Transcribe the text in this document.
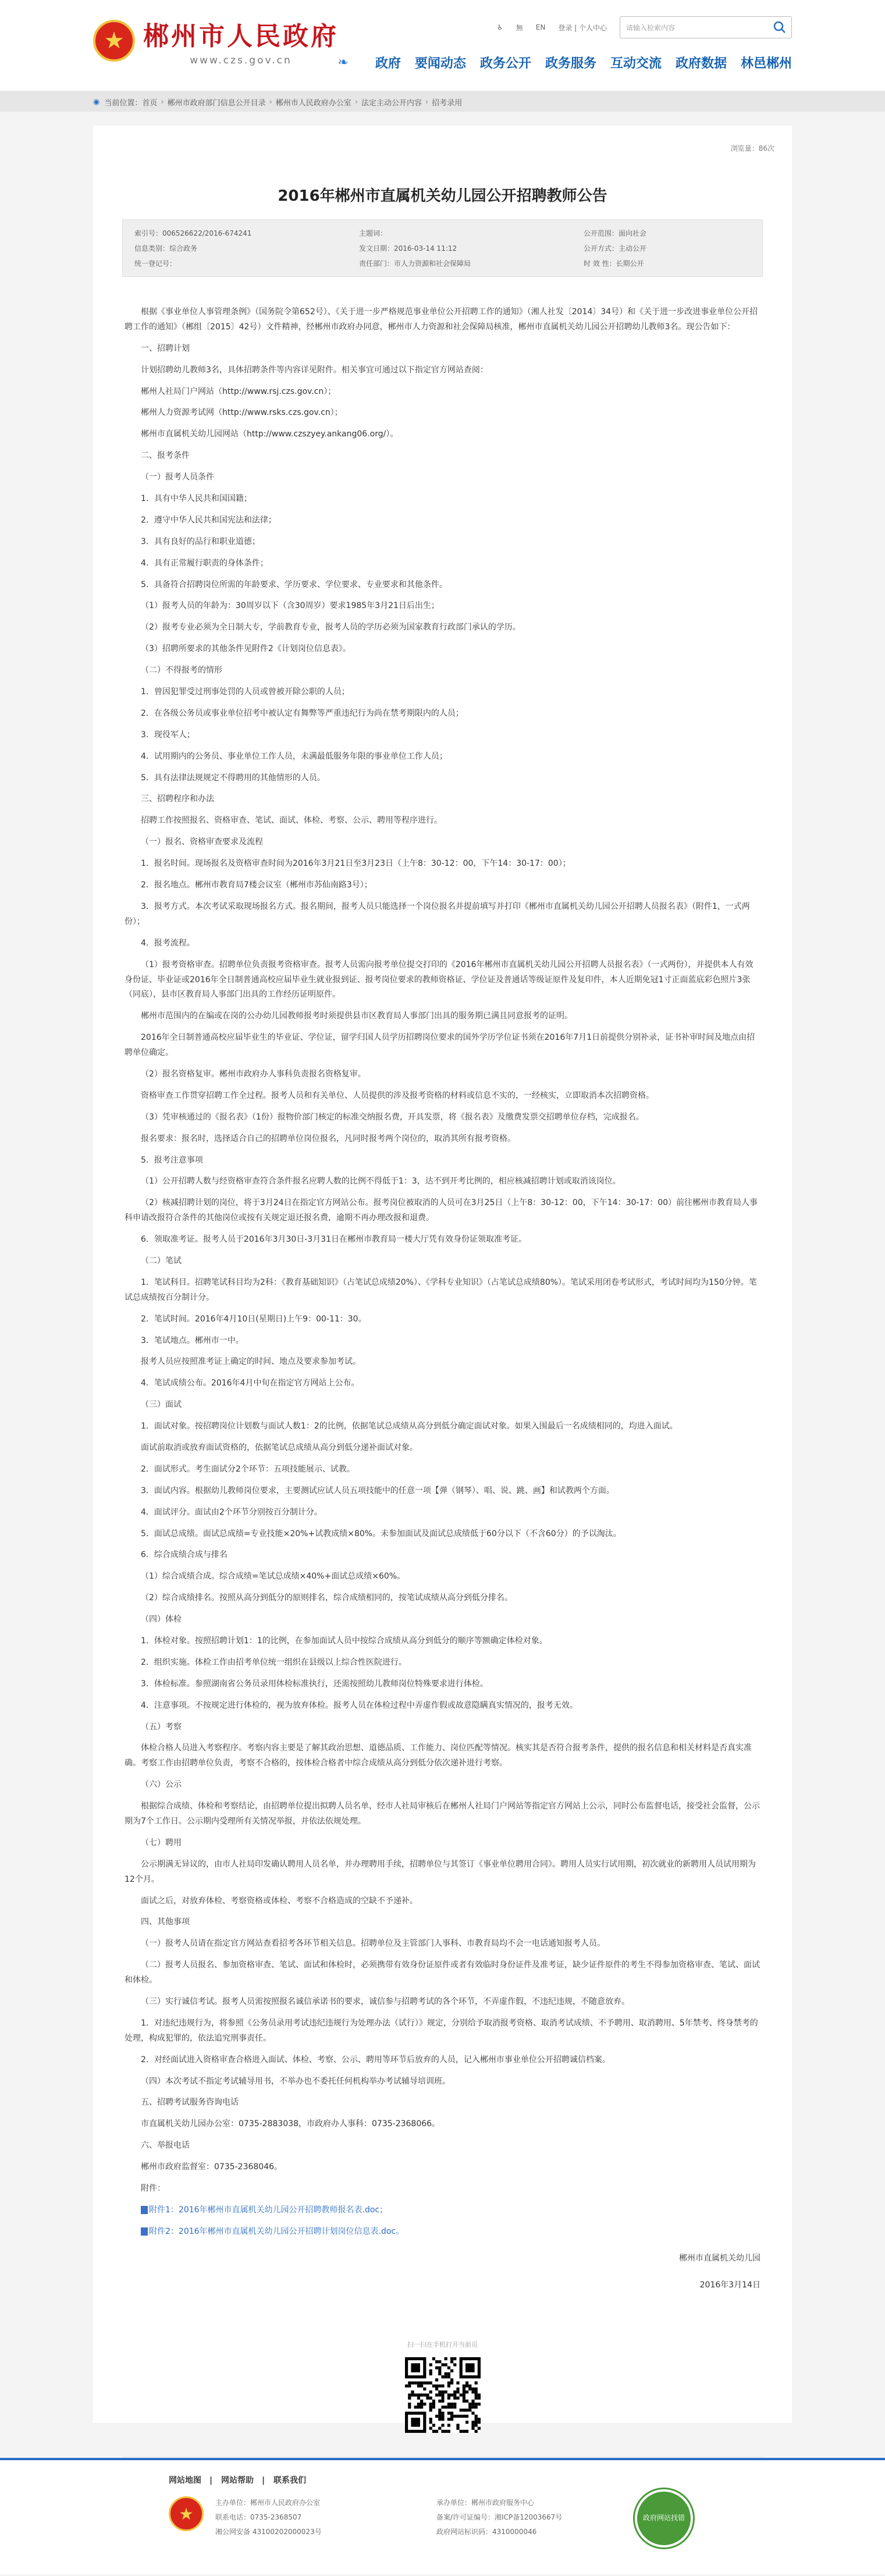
★ 郴州市人民政府
www.czs.gov.cn
♿ 無 EN 登录 | 个人中心	请输入检索内容
❧ 政府 要闻动态 政务公开 政务服务 互动交流 政府数据 林邑郴州
◉ 当前位置： 首页 › 郴州市政府部门信息公开目录 › 郴州市人民政府办公室 › 法定主动公开内容 › 招考录用
浏览量：86次
2016年郴州市直属机关幼儿园公开招聘教师公告
索引号：006526622/2016-674241	主题词：	公开范围：面向社会
信息类别：综合政务	发文日期：2016-03-14 11:12	公开方式：主动公开
统一登记号：	责任部门：市人力资源和社会保障局	时 效 性：长期公开

根据《事业单位人事管理条例》（国务院令第652号）、《关于进一步严格规范事业单位公开招聘工作的通知》（湘人社发〔2014〕34号）和《关于进一步改进事业单位公开招聘工作的通知》（郴组〔2015〕42号）文件精神，经郴州市政府办同意，郴州市人力资源和社会保障局核准，郴州市直属机关幼儿园公开招聘幼儿教师3名。现公告如下：

一、招聘计划

计划招聘幼儿教师3名，具体招聘条件等内容详见附件。相关事宜可通过以下指定官方网站查阅：

郴州人社局门户网站（http://www.rsj.czs.gov.cn）；

郴州人力资源考试网（http://www.rsks.czs.gov.cn）；

郴州市直属机关幼儿园网站（http://www.czszyey.ankang06.org/）。

二、报考条件

（一）报考人员条件

1．具有中华人民共和国国籍；

2．遵守中华人民共和国宪法和法律；

3．具有良好的品行和职业道德；

4．具有正常履行职责的身体条件；

5．具备符合招聘岗位所需的年龄要求、学历要求、学位要求、专业要求和其他条件。

（1）报考人员的年龄为：30周岁以下（含30周岁）要求1985年3月21日后出生；

（2）报考专业必须为全日制大专，学前教育专业，报考人员的学历必须为国家教育行政部门承认的学历。

（3）招聘所要求的其他条件见附件2《计划岗位信息表》。

（二）不得报考的情形

1．曾因犯罪受过刑事处罚的人员或曾被开除公职的人员；

2．在各级公务员或事业单位招考中被认定有舞弊等严重违纪行为尚在禁考期限内的人员；

3．现役军人；

4．试用期内的公务员、事业单位工作人员，未满最低服务年限的事业单位工作人员；

5．具有法律法规规定不得聘用的其他情形的人员。

三、招聘程序和办法

招聘工作按照报名、资格审查、笔试、面试、体检、考察、公示、聘用等程序进行。

（一）报名、资格审查要求及流程

1．报名时间。现场报名及资格审查时间为2016年3月21日至3月23日（上午8：30-12：00，下午14：30-17：00）；

2．报名地点。郴州市教育局7楼会议室（郴州市苏仙南路3号）；

3．报考方式。本次考试采取现场报名方式。报名期间，报考人员只能选择一个岗位报名并提前填写并打印《郴州市直属机关幼儿园公开招聘人员报名表》（附件1，一式两份）；

4．报考流程。

（1）报考资格审查。招聘单位负责报考资格审查。报考人员需向报考单位提交打印的《2016年郴州市直属机关幼儿园公开招聘人员报名表》（一式两份），并提供本人有效身份证、毕业证或2016年全日制普通高校应届毕业生就业报到证、报考岗位要求的教师资格证、学位证及普通话等级证原件及复印件，本人近期免冠1寸正面蓝底彩色照片3张（同底），县市区教育局人事部门出具的工作经历证明原件。

郴州市范围内的在编或在岗的公办幼儿园教师报考时须提供县市区教育局人事部门出具的服务期已满且同意报考的证明。

2016年全日制普通高校应届毕业生的毕业证、学位证，留学归国人员学历招聘岗位要求的国外学历学位证书须在2016年7月1日前提供分别补录，证书补审时间及地点由招聘单位确定。

（2）报名资格复审。郴州市政府办人事科负责报名资格复审。

资格审查工作贯穿招聘工作全过程。报考人员和有关单位、人员提供的涉及报考资格的材料或信息不实的，一经核实，立即取消本次招聘资格。

（3）凭审核通过的《报名表》（1份）报物价部门核定的标准交纳报名费，开具发票，将《报名表》及缴费发票交招聘单位存档，完成报名。

报名要求：报名时，选择适合自己的招聘单位岗位报名，凡同时报考两个岗位的，取消其所有报考资格。

5．报考注意事项

（1）公开招聘人数与经资格审查符合条件报名应聘人数的比例不得低于1：3，达不到开考比例的，相应核减招聘计划或取消该岗位。

（2）核减招聘计划的岗位，将于3月24日在指定官方网站公布。报考岗位被取消的人员可在3月25日（上午8：30-12：00，下午14：30-17：00）前往郴州市教育局人事科申请改报符合条件的其他岗位或按有关规定退还报名费，逾期不再办理改报和退费。

6．领取准考证。报考人员于2016年3月30日-3月31日在郴州市教育局一楼大厅凭有效身份证领取准考证。

（二）笔试

1．笔试科目。招聘笔试科目均为2科：《教育基础知识》（占笔试总成绩20%）、《学科专业知识》（占笔试总成绩80%）。笔试采用闭卷考试形式，考试时间均为150分钟。笔试总成绩按百分制计分。

2．笔试时间。2016年4月10日(星期日)上午9：00-11：30。

3．笔试地点。郴州市一中。

报考人员应按照准考证上确定的时间、地点及要求参加考试。

4．笔试成绩公布。2016年4月中旬在指定官方网站上公布。

（三）面试

1．面试对象。按招聘岗位计划数与面试人数1：2的比例，依据笔试总成绩从高分到低分确定面试对象。如果入围最后一名成绩相同的，均进入面试。

面试前取消或放弃面试资格的，依据笔试总成绩从高分到低分递补面试对象。

2．面试形式。考生面试分2个环节：五项技能展示、试教。

3．面试内容。根据幼儿教师岗位要求，主要测试应试人员五项技能中的任意一项【弹（钢琴）、唱、说、跳、画】和试教两个方面。

4．面试评分。面试由2个环节分别按百分制计分。

5．面试总成绩。面试总成绩=专业技能×20%+试教成绩×80%。未参加面试及面试总成绩低于60分以下（不含60分）的予以淘汰。

6．综合成绩合成与排名

（1）综合成绩合成。综合成绩=笔试总成绩×40%+面试总成绩×60%。

（2）综合成绩排名。按照从高分到低分的原则排名，综合成绩相同的，按笔试成绩从高分到低分排名。

（四）体检

1．体检对象。按照招聘计划1：1的比例，在参加面试人员中按综合成绩从高分到低分的顺序等额确定体检对象。

2．组织实施。体检工作由招考单位统一组织在县级以上综合性医院进行。

3．体检标准。参照湖南省公务员录用体检标准执行，还需按照幼儿教师岗位特殊要求进行体检。

4．注意事项。不按规定进行体检的，视为放弃体检。报考人员在体检过程中弄虚作假或故意隐瞒真实情况的，报考无效。

（五）考察

体检合格人员进入考察程序。考察内容主要是了解其政治思想、道德品质、工作能力、岗位匹配等情况。核实其是否符合报考条件，提供的报名信息和相关材料是否真实准确。考察工作由招聘单位负责，考察不合格的，按体检合格者中综合成绩从高分到低分依次递补进行考察。

（六）公示

根据综合成绩、体检和考察结论，由招聘单位提出拟聘人员名单，经市人社局审核后在郴州人社局门户网站等指定官方网站上公示，同时公布监督电话，接受社会监督，公示期为7个工作日。公示期内受理所有关情况举报，并依法依规处理。

（七）聘用

公示期满无异议的，由市人社局印发确认聘用人员名单，并办理聘用手续，招聘单位与其签订《事业单位聘用合同》。聘用人员实行试用期，初次就业的新聘用人员试用期为12个月。

面试之后，对放弃体检、考察资格或体检、考察不合格造成的空缺不予递补。

四、其他事项

（一）报考人员请在指定官方网站查看招考各环节相关信息。招聘单位及主管部门人事科、市教育局均不会一电话通知报考人员。

（二）报考人员报名、参加资格审查、笔试、面试和体检时，必须携带有效身份证原件或者有效临时身份证件及准考证，缺少证件原件的考生不得参加资格审查、笔试、面试和体检。

（三）实行诚信考试。报考人员需按照报名诚信承诺书的要求，诚信参与招聘考试的各个环节，不弄虚作假，不违纪违规，不随意放弃。

1．对违纪违规行为，将参照《公务员录用考试违纪违规行为处理办法（试行）》规定，分别给予取消报考资格、取消考试成绩、不予聘用、取消聘用、5年禁考、终身禁考的处理，构成犯罪的，依法追究刑事责任。

2．对经面试进入资格审查合格进入面试、体检、考察、公示、聘用等环节后放弃的人员，记入郴州市事业单位公开招聘诚信档案。

（四）本次考试不指定考试辅导用书，不举办也不委托任何机构举办考试辅导培训班。

五、招聘考试服务咨询电话

市直属机关幼儿园办公室：0735-2883038，市政府办人事科：0735-2368066。

六、举报电话

郴州市政府监督室：0735-2368046。

附件：

附件1：2016年郴州市直属机关幼儿园公开招聘教师报名表.doc；

附件2：2016年郴州市直属机关幼儿园公开招聘计划岗位信息表.doc。

郴州市直属机关幼儿园

2016年3月14日

扫一扫在手机打开当前页
网站地图 | 网站帮助 | 联系我们
★
主办单位：郴州市人民政府办公室	承办单位：郴州市政府服务中心
联系电话：0735-2368507	备案/许可证编号：湘ICP备12003667号
湘公网安备 43100202000023号	政府网站标识码：4310000046
政府网站找错
